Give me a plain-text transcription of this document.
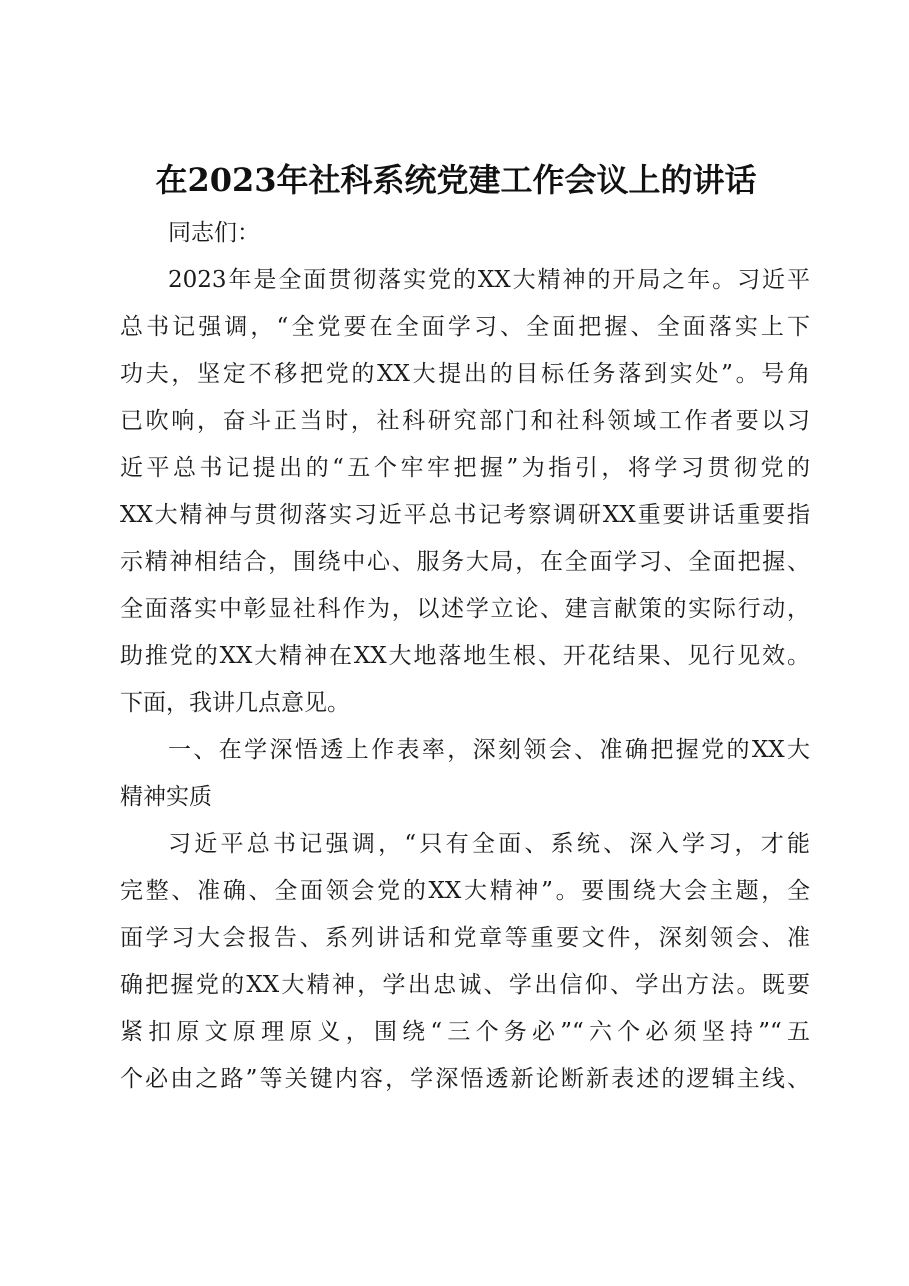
在2023年社科系统党建工作会议上的讲话
同志们：
2023年是全面贯彻落实党的XX大精神的开局之年。习近平
总书记强调，“全党要在全面学习、全面把握、全面落实上下
功夫，坚定不移把党的XX大提出的目标任务落到实处”。号角
已吹响，奋斗正当时，社科研究部门和社科领域工作者要以习
近平总书记提出的“五个牢牢把握”为指引，将学习贯彻党的
XX大精神与贯彻落实习近平总书记考察调研XX重要讲话重要指
示精神相结合，围绕中心、服务大局，在全面学习、全面把握、
全面落实中彰显社科作为，以述学立论、建言献策的实际行动，
助推党的XX大精神在XX大地落地生根、开花结果、见行见效。
下面，我讲几点意见。
一、在学深悟透上作表率，深刻领会、准确把握党的XX大
精神实质
习近平总书记强调，“只有全面、系统、深入学习，才能
完整、准确、全面领会党的XX大精神”。要围绕大会主题，全
面学习大会报告、系列讲话和党章等重要文件，深刻领会、准
确把握党的XX大精神，学出忠诚、学出信仰、学出方法。既要
紧扣原文原理原义，围绕“三个务必”“六个必须坚持”“五
个必由之路”等关键内容，学深悟透新论断新表述的逻辑主线、
